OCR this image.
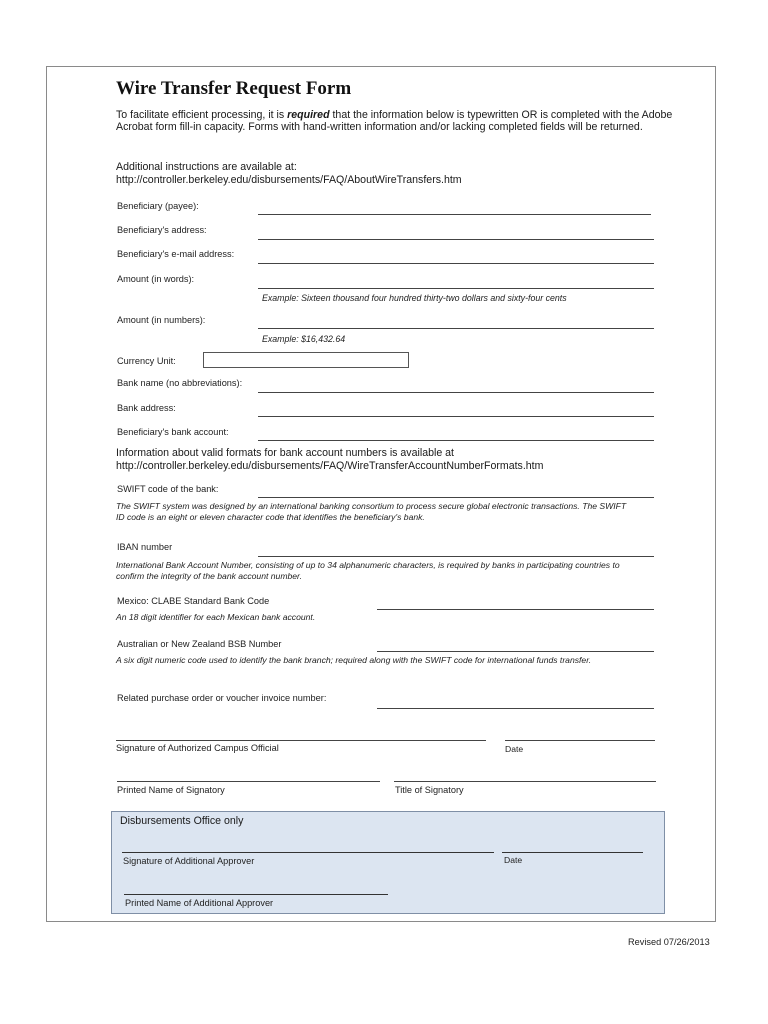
Wire Transfer Request Form
To facilitate efficient processing, it is required that the information below is typewritten OR is completed with the Adobe Acrobat form fill-in capacity. Forms with hand-written information and/or lacking completed fields will be returned.
Additional instructions are available at:
http://controller.berkeley.edu/disbursements/FAQ/AboutWireTransfers.htm
Beneficiary (payee):
Beneficiary's address:
Beneficiary's e-mail address:
Amount (in words):
Example: Sixteen thousand four hundred thirty-two dollars and sixty-four cents
Amount (in numbers):
Example: $16,432.64
Currency Unit:
Bank name (no abbreviations):
Bank address:
Beneficiary's bank account:
Information about valid formats for bank account numbers is available at
http://controller.berkeley.edu/disbursements/FAQ/WireTransferAccountNumberFormats.htm
SWIFT code of the bank:
The SWIFT system was designed by an international banking consortium to process secure global electronic transactions. The SWIFT ID code is an eight or eleven character code that identifies the beneficiary's bank.
IBAN number
International Bank Account Number, consisting of up to 34 alphanumeric characters, is required by banks in participating countries to confirm the integrity of the bank account number.
Mexico: CLABE Standard Bank Code
An 18 digit identifier for each Mexican bank account.
Australian or New Zealand BSB Number
A six digit numeric code used to identify the bank branch; required along with the SWIFT code for international funds transfer.
Related purchase order or voucher invoice number:
Signature of Authorized Campus Official	Date
Printed Name of Signatory	Title of Signatory
Disbursements Office only
Signature of Additional Approver	Date
Printed Name of Additional Approver
Revised 07/26/2013
